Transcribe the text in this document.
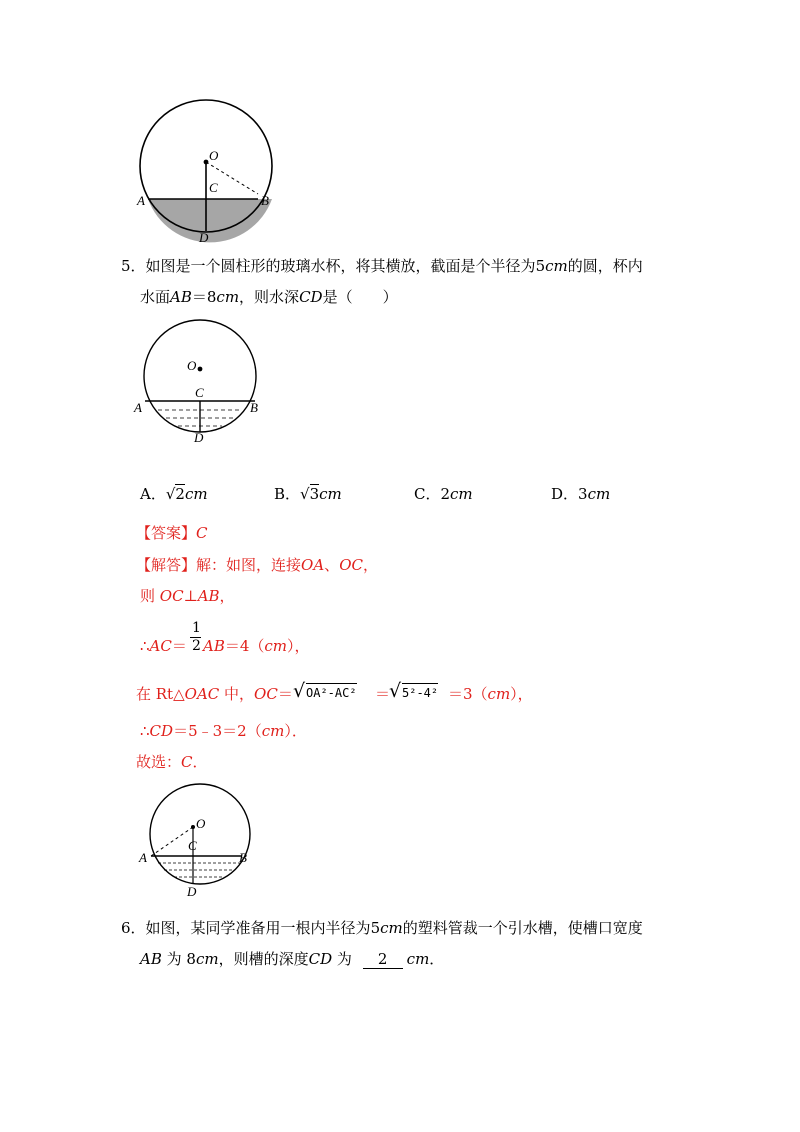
O
C
A	B
D
5．如图是一个圆柱形的玻璃水杯，将其横放，截面是个半径为5cm的圆，杯内
水面AB＝8cm，则水深CD是（　　）
O
C
A	B
D
A．√2cm	B．√3cm	C．2cm	D．3cm
【答案】C
【解答】解：如图，连接OA、OC，
则 OC⊥AB，
∴AC＝
1
2 AB＝4（cm），
在 Rt△OAC 中，OC＝ √ OA²-AC² ＝
√ 5²-4² ＝3（cm），
∴CD＝5﹣3＝2（cm）．
故选：C．
O
C
A	B
D
6．如图，某同学准备用一根内半径为5cm的塑料管裁一个引水槽，使槽口宽度
AB 为 8cm，则槽的深度CD 为 2 cm．
